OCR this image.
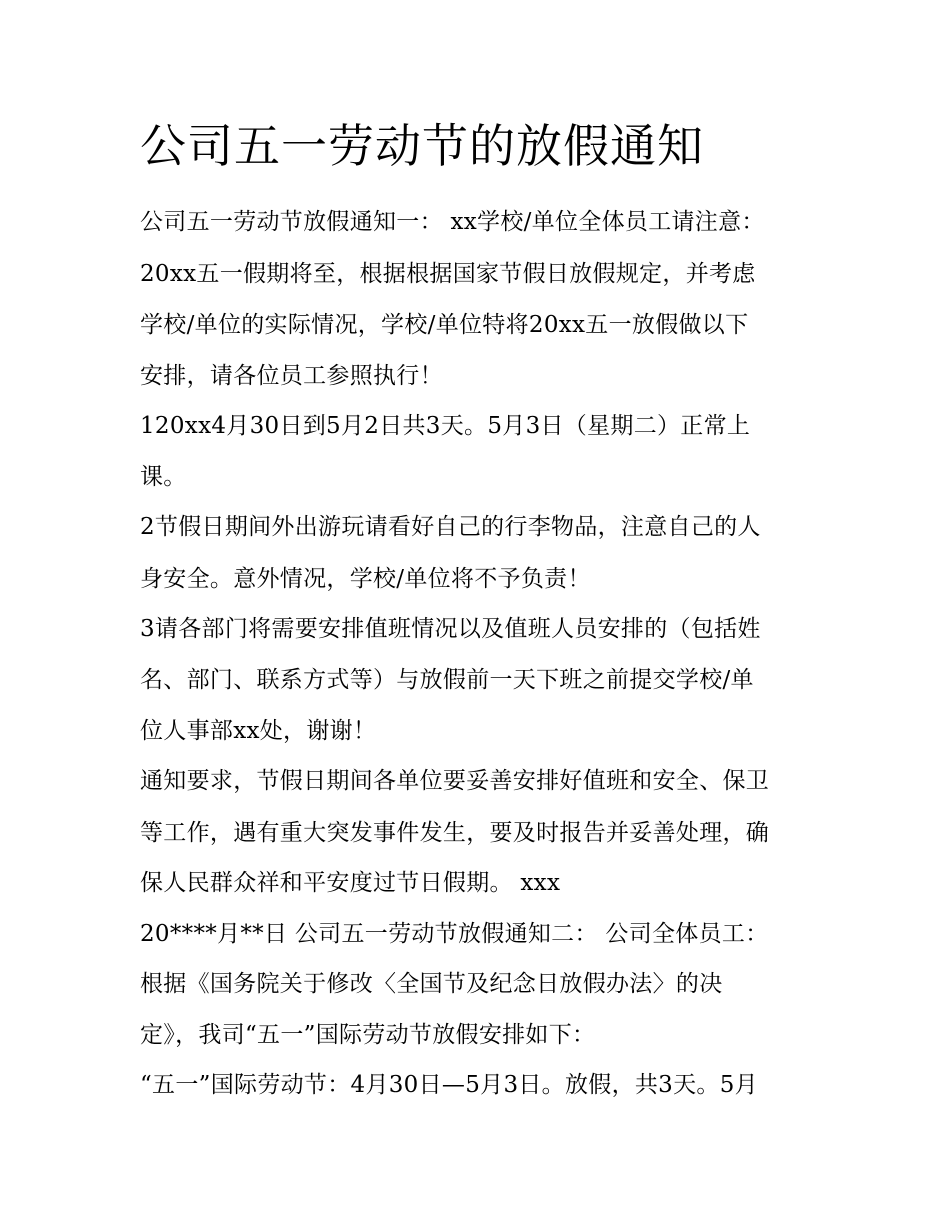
公司五一劳动节的放假通知
公司五一劳动节放假通知一： xx学校/单位全体员工请注意：
20xx五一假期将至，根据根据国家节假日放假规定，并考虑
学校/单位的实际情况，学校/单位特将20xx五一放假做以下
安排，请各位员工参照执行！
120xx4月30日到5月2日共3天。5月3日（星期二）正常上
课。
2节假日期间外出游玩请看好自己的行李物品，注意自己的人
身安全。意外情况，学校/单位将不予负责！
3请各部门将需要安排值班情况以及值班人员安排的（包括姓
名、部门、联系方式等）与放假前一天下班之前提交学校/单
位人事部xx处，谢谢！
通知要求，节假日期间各单位要妥善安排好值班和安全、保卫
等工作，遇有重大突发事件发生，要及时报告并妥善处理，确
保人民群众祥和平安度过节日假期。 xxx
20****月**日 公司五一劳动节放假通知二： 公司全体员工：
根据《国务院关于修改〈全国节及纪念日放假办法〉的决
定》，我司“五一”国际劳动节放假安排如下：
“五一”国际劳动节：4月30日—5月3日。放假，共3天。5月
